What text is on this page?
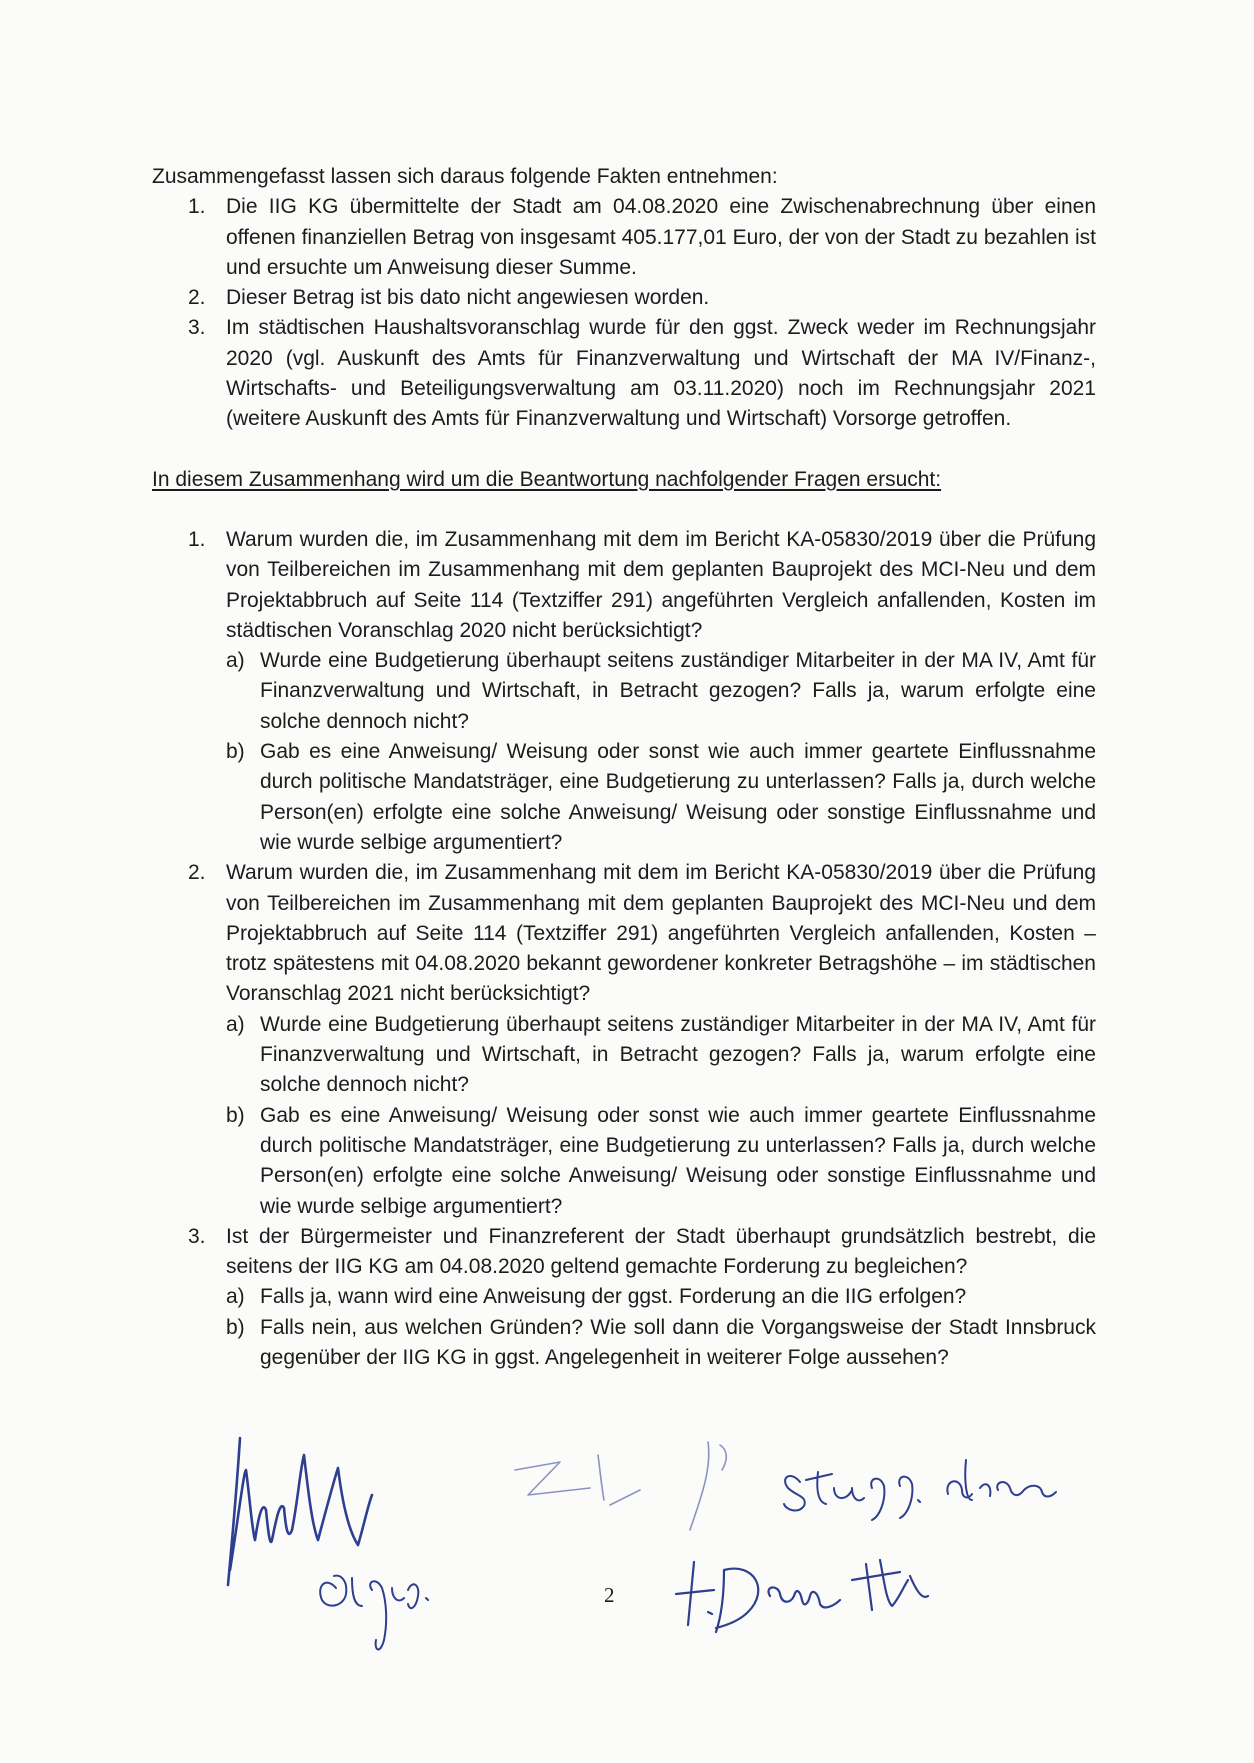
Zusammengefasst lassen sich daraus folgende Fakten entnehmen:
1. Die IIG KG übermittelte der Stadt am 04.08.2020 eine Zwischenabrechnung über einen offenen finanziellen Betrag von insgesamt 405.177,01 Euro, der von der Stadt zu bezahlen ist und ersuchte um Anweisung dieser Summe.
2. Dieser Betrag ist bis dato nicht angewiesen worden.
3. Im städtischen Haushaltsvoranschlag wurde für den ggst. Zweck weder im Rechnungsjahr 2020 (vgl. Auskunft des Amts für Finanzverwaltung und Wirtschaft der MA IV/Finanz-, Wirtschafts- und Beteiligungsverwaltung am 03.11.2020) noch im Rechnungsjahr 2021 (weitere Auskunft des Amts für Finanzverwaltung und Wirtschaft) Vorsorge getroffen.
In diesem Zusammenhang wird um die Beantwortung nachfolgender Fragen ersucht:
1. Warum wurden die, im Zusammenhang mit dem im Bericht KA-05830/2019 über die Prüfung von Teilbereichen im Zusammenhang mit dem geplanten Bauprojekt des MCI-Neu und dem Projektabbruch auf Seite 114 (Textziffer 291) angeführten Vergleich anfallenden, Kosten im städtischen Voranschlag 2020 nicht berücksichtigt?
a) Wurde eine Budgetierung überhaupt seitens zuständiger Mitarbeiter in der MA IV, Amt für Finanzverwaltung und Wirtschaft, in Betracht gezogen? Falls ja, warum erfolgte eine solche dennoch nicht?
b) Gab es eine Anweisung/ Weisung oder sonst wie auch immer geartete Einflussnahme durch politische Mandatsträger, eine Budgetierung zu unterlassen? Falls ja, durch welche Person(en) erfolgte eine solche Anweisung/ Weisung oder sonstige Einflussnahme und wie wurde selbige argumentiert?
2. Warum wurden die, im Zusammenhang mit dem im Bericht KA-05830/2019 über die Prüfung von Teilbereichen im Zusammenhang mit dem geplanten Bauprojekt des MCI-Neu und dem Projektabbruch auf Seite 114 (Textziffer 291) angeführten Vergleich anfallenden, Kosten – trotz spätestens mit 04.08.2020 bekannt gewordener konkreter Betragshöhe – im städtischen Voranschlag 2021 nicht berücksichtigt?
a) Wurde eine Budgetierung überhaupt seitens zuständiger Mitarbeiter in der MA IV, Amt für Finanzverwaltung und Wirtschaft, in Betracht gezogen? Falls ja, warum erfolgte eine solche dennoch nicht?
b) Gab es eine Anweisung/ Weisung oder sonst wie auch immer geartete Einflussnahme durch politische Mandatsträger, eine Budgetierung zu unterlassen? Falls ja, durch welche Person(en) erfolgte eine solche Anweisung/ Weisung oder sonstige Einflussnahme und wie wurde selbige argumentiert?
3. Ist der Bürgermeister und Finanzreferent der Stadt überhaupt grundsätzlich bestrebt, die seitens der IIG KG am 04.08.2020 geltend gemachte Forderung zu begleichen?
a) Falls ja, wann wird eine Anweisung der ggst. Forderung an die IIG erfolgen?
b) Falls nein, aus welchen Gründen? Wie soll dann die Vorgangsweise der Stadt Innsbruck gegenüber der IIG KG in ggst. Angelegenheit in weiterer Folge aussehen?
2
